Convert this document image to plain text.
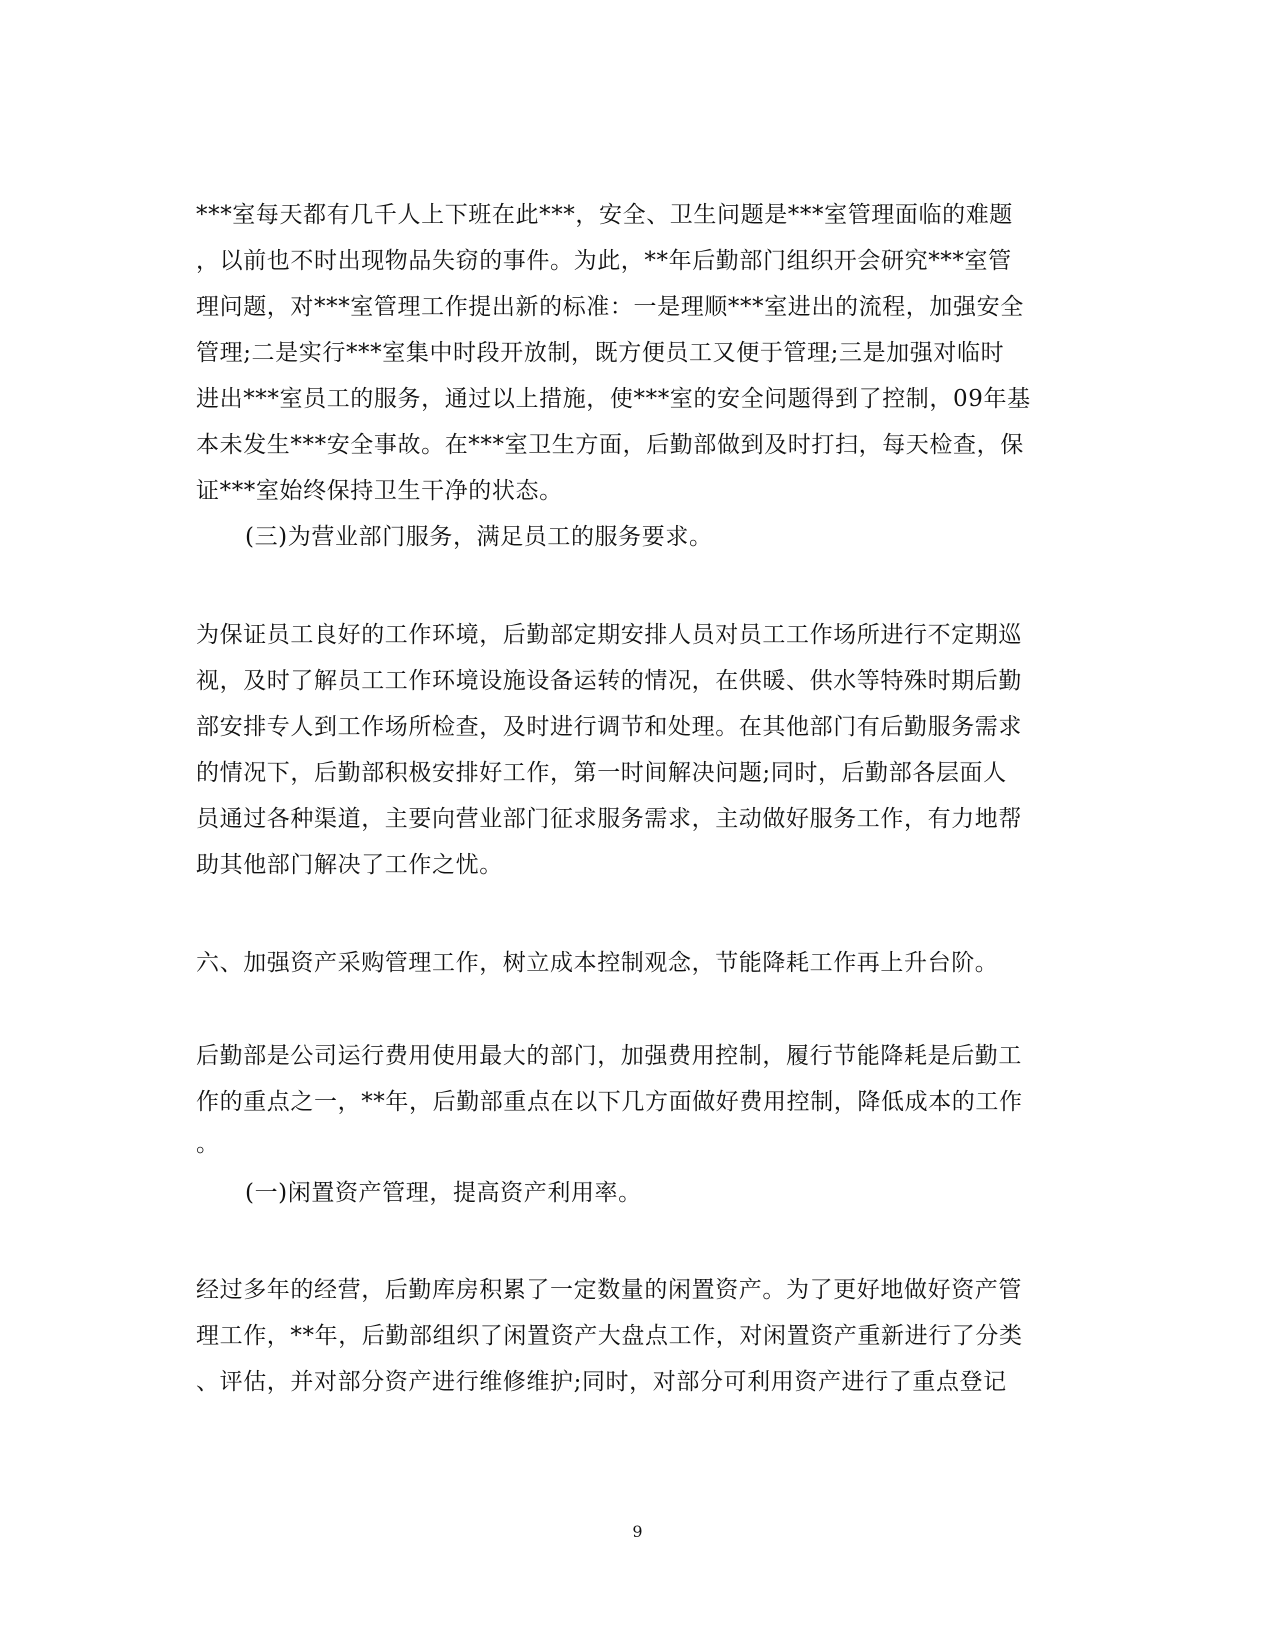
***室每天都有几千人上下班在此***，安全、卫生问题是***室管理面临的难题
，以前也不时出现物品失窃的事件。为此，**年后勤部门组织开会研究***室管
理问题，对***室管理工作提出新的标准：一是理顺***室进出的流程，加强安全
管理;二是实行***室集中时段开放制，既方便员工又便于管理;三是加强对临时
进出***室员工的服务，通过以上措施，使***室的安全问题得到了控制，09年基
本未发生***安全事故。在***室卫生方面，后勤部做到及时打扫，每天检查，保
证***室始终保持卫生干净的状态。
(三)为营业部门服务，满足员工的服务要求。
为保证员工良好的工作环境，后勤部定期安排人员对员工工作场所进行不定期巡
视，及时了解员工工作环境设施设备运转的情况，在供暖、供水等特殊时期后勤
部安排专人到工作场所检查，及时进行调节和处理。在其他部门有后勤服务需求
的情况下，后勤部积极安排好工作，第一时间解决问题;同时，后勤部各层面人
员通过各种渠道，主要向营业部门征求服务需求，主动做好服务工作，有力地帮
助其他部门解决了工作之忧。
六、加强资产采购管理工作，树立成本控制观念，节能降耗工作再上升台阶。
后勤部是公司运行费用使用最大的部门，加强费用控制，履行节能降耗是后勤工
作的重点之一，**年，后勤部重点在以下几方面做好费用控制，降低成本的工作
。
(一)闲置资产管理，提高资产利用率。
经过多年的经营，后勤库房积累了一定数量的闲置资产。为了更好地做好资产管
理工作，**年，后勤部组织了闲置资产大盘点工作，对闲置资产重新进行了分类
、评估，并对部分资产进行维修维护;同时，对部分可利用资产进行了重点登记
9
